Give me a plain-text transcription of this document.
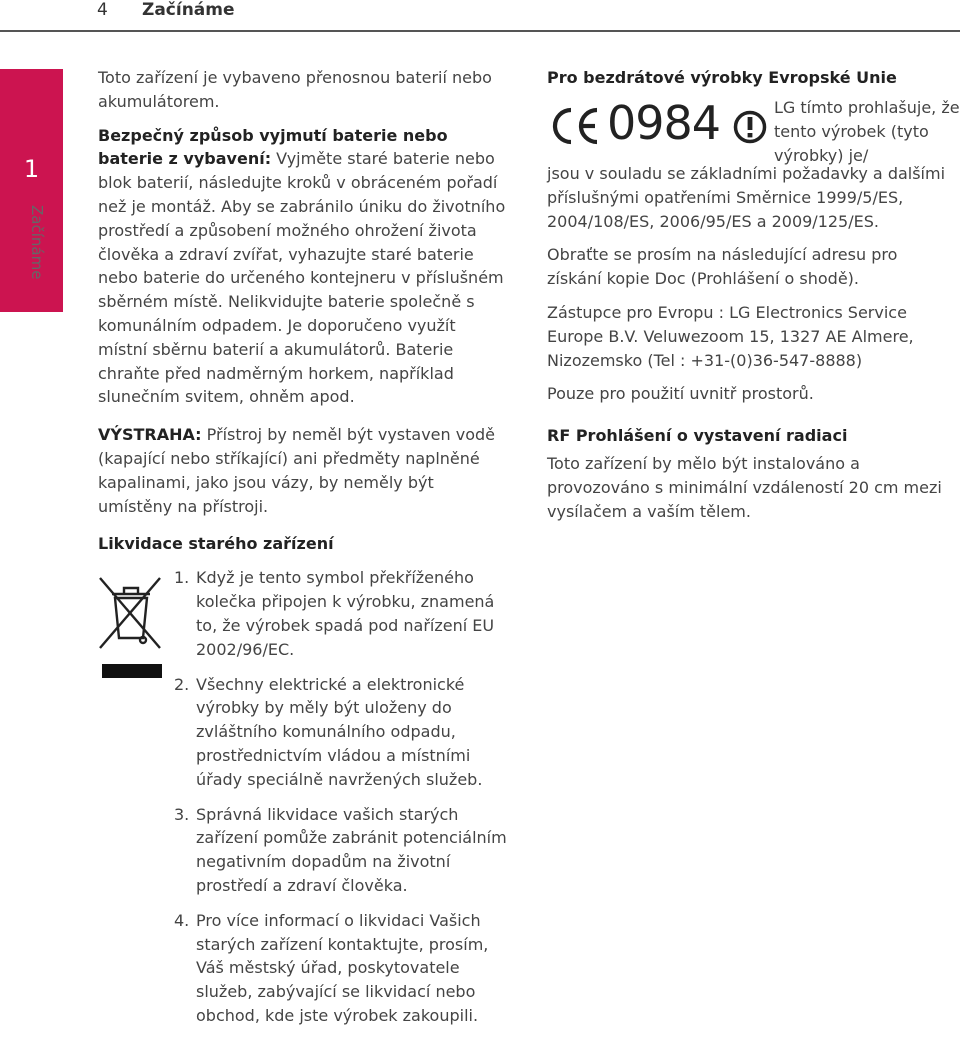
4 Začínáme
1
Začínáme

Toto zařízení je vybaveno přenosnou baterií nebo akumulátorem.

Bezpečný způsob vyjmutí baterie nebo baterie z vybavení: Vyjměte staré baterie nebo blok baterií, následujte kroků v obráceném pořadí než je montáž. Aby se zabránilo úniku do životního prostředí a způsobení možného ohrožení života člověka a zdraví zvířat, vyhazujte staré baterie nebo baterie do určeného kontejneru v příslušném sběrném místě. Nelikvidujte baterie společně s komunálním odpadem. Je doporučeno využít místní sběrnu baterií a akumulátorů. Baterie chraňte před nadměrným horkem, například slunečním svitem, ohněm apod.

VÝSTRAHA: Přístroj by neměl být vystaven vodě (kapající nebo stříkající) ani předměty naplněné kapalinami, jako jsou vázy, by neměly být umístěny na přístroji.

Likvidace starého zařízení
1. Když je tento symbol překříženého kolečka připojen k výrobku, znamená to, že výrobek spadá pod nařízení EU 2002/96/EC.
2. Všechny elektrické a elektronické výrobky by měly být uloženy do zvláštního komunálního odpadu, prostřednictvím vládou a místními úřady speciálně navržených služeb.
3. Správná likvidace vašich starých zařízení pomůže zabránit potenciálním negativním dopadům na životní prostředí a zdraví člověka.
4. Pro více informací o likvidaci Vašich starých zařízení kontaktujte, prosím, Váš městský úřad, poskytovatele služeb, zabývající se likvidací nebo obchod, kde jste výrobek zakoupili.
Pro bezdrátové výrobky Evropské Unie
0984	LG tímto prohlašuje, že tento výrobek (tyto výrobky) je/

jsou v souladu se základními požadavky a dalšími příslušnými opatřeními Směrnice 1999/5/ES, 2004/108/ES, 2006/95/ES a 2009/125/ES.

Obraťte se prosím na následující adresu pro získání kopie Doc (Prohlášení o shodě).

Zástupce pro Evropu : LG Electronics Service Europe B.V. Veluwezoom 15, 1327 AE Almere, Nizozemsko (Tel : +31-(0)36-547-8888)

Pouze pro použití uvnitř prostorů.

RF Prohlášení o vystavení radiaci

Toto zařízení by mělo být instalováno a provozováno s minimální vzdáleností 20 cm mezi vysílačem a vaším tělem.
